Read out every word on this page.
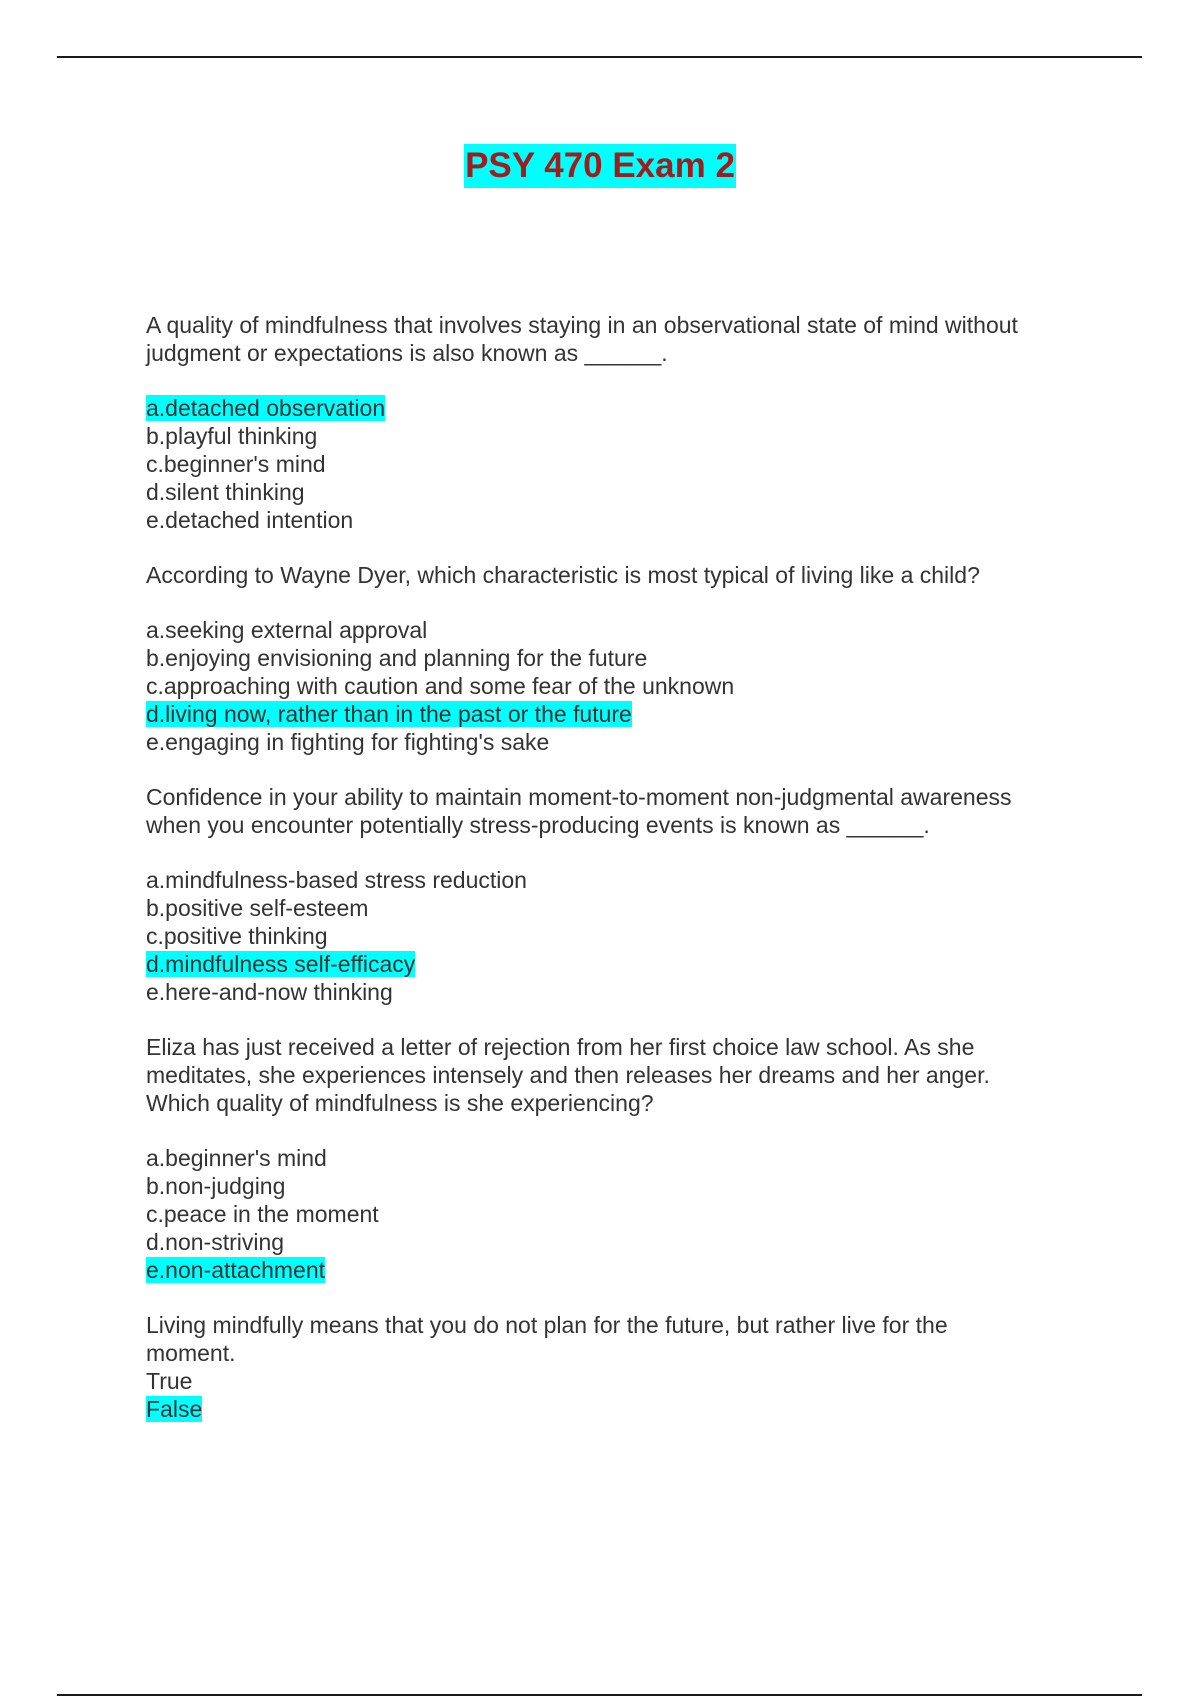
PSY 470 Exam 2

A quality of mindfulness that involves staying in an observational state of mind without judgment or expectations is also known as ______.

a.detached observation
b.playful thinking
c.beginner's mind
d.silent thinking
e.detached intention

According to Wayne Dyer, which characteristic is most typical of living like a child?

a.seeking external approval
b.enjoying envisioning and planning for the future
c.approaching with caution and some fear of the unknown
d.living now, rather than in the past or the future
e.engaging in fighting for fighting's sake

Confidence in your ability to maintain moment-to-moment non-judgmental awareness when you encounter potentially stress-producing events is known as ______.

a.mindfulness-based stress reduction
b.positive self-esteem
c.positive thinking
d.mindfulness self-efficacy
e.here-and-now thinking

Eliza has just received a letter of rejection from her first choice law school. As she meditates, she experiences intensely and then releases her dreams and her anger. Which quality of mindfulness is she experiencing?

a.beginner's mind
b.non-judging
c.peace in the moment
d.non-striving
e.non-attachment

Living mindfully means that you do not plan for the future, but rather live for the moment.

True
False
